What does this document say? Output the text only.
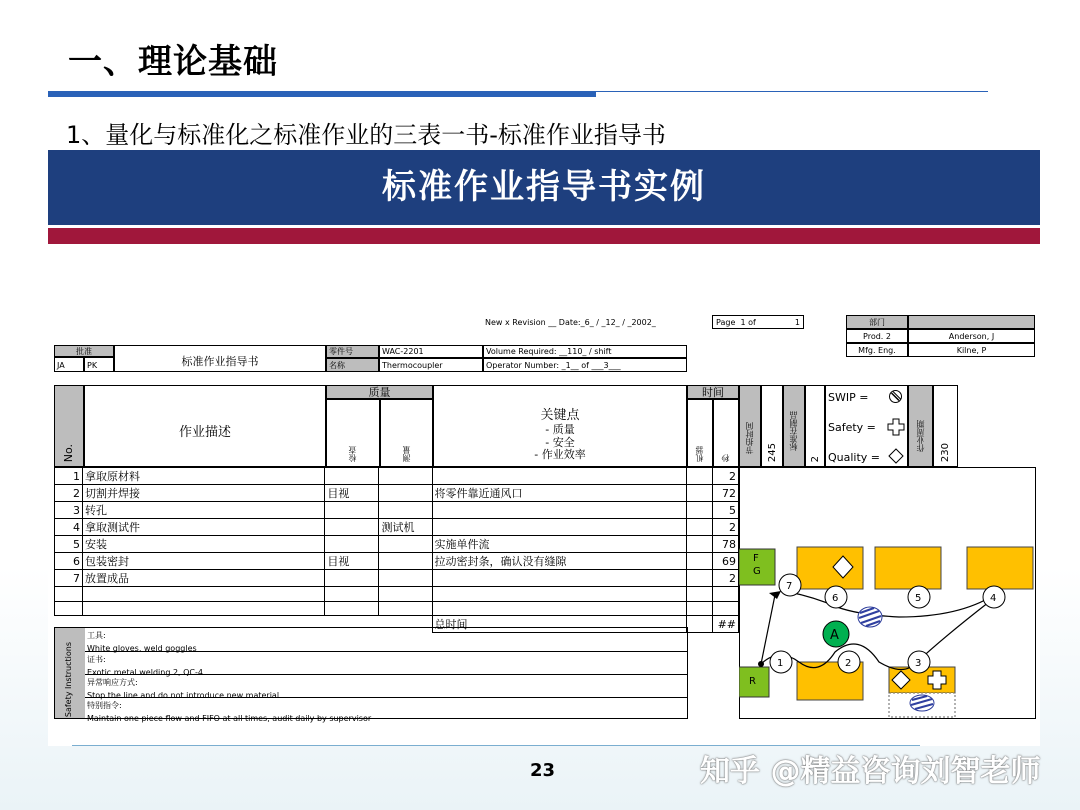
一、理论基础
1、量化与标准化之标准作业的三表一书-标准作业指导书
标准作业指导书实例
New x Revision __ Date:_6_ / _12_ / _2002_	Page 1 of	1	部门
Prod. 2	Anderson, J
Mfg. Eng.	Kilne, P
批准
JA	PK	标准作业指导书
零件号	WAC-2201
名称	Thermocoupler
Volume Required: __110_ / shift
Operator Number: _1__ of ___3___
No.
作业描述
质量
检查	测量
关键点
- 质量
- 安全
- 作业效率
时间
机器 秒
节拍时间 245
标准在制品
2
SWIP =
Safety =
Quality =
作业周期
230
1	拿取原材料					2
2	切割并焊接	目视		将零件靠近通风口		72
3	转孔					5
4	拿取测试件		测试机			2
5	安装			实施单件流		78
6	包装密封	目视		拉动密封条，确认没有缝隙		69
7	放置成品					2

				总时间		##
Safety Instructions
工具:
White gloves, weld goggles
证书:
Exotic metal welding 2, QC-4
异常响应方式:
Stop the line and do not introduce new material
特别指令:
Maintain one piece flow and FIFO at all times, audit daily by supervisor
F
G
R
7
6	5	4
1	2	3
A
23	知乎 @精益咨询刘智老师
